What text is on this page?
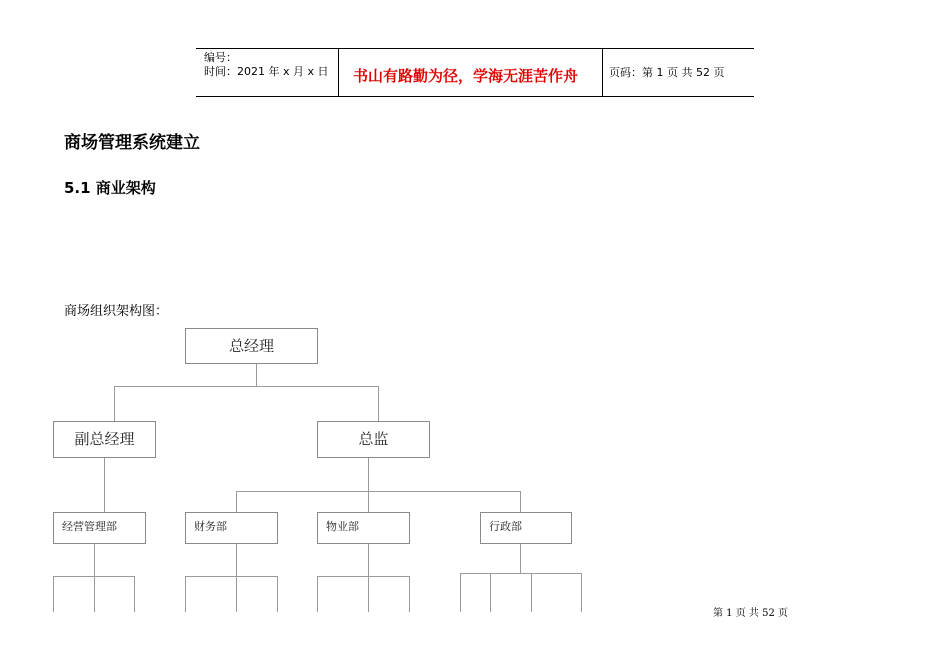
编号：
时间：2021 年 x 月 x 日 书山有路勤为径，学海无涯苦作舟	页码：第 1 页 共 52 页
商场管理系统建立
5.1 商业架构
商场组织架构图：
总经理
副总经理	总监
经营管理部	财务部	物业部	行政部
第 1 页 共 52 页
